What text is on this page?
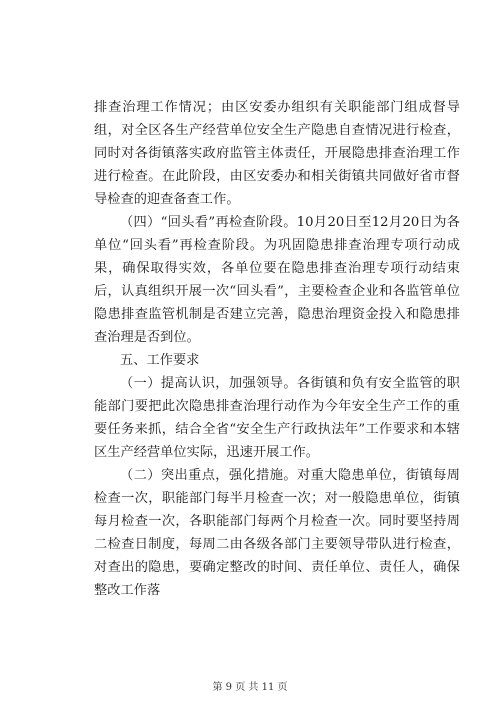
排查治理工作情况；由区安委办组织有关职能部门组成督导组，对全区各生产经营单位安全生产隐患自查情况进行检查，同时对各街镇落实政府监管主体责任，开展隐患排查治理工作进行检查。在此阶段，由区安委办和相关街镇共同做好省市督导检查的迎查备查工作。

（四）“回头看”再检查阶段。10月20日至12月20日为各单位“回头看”再检查阶段。为巩固隐患排查治理专项行动成果，确保取得实效，各单位要在隐患排查治理专项行动结束后，认真组织开展一次“回头看”，主要检查企业和各监管单位隐患排查监管机制是否建立完善，隐患治理资金投入和隐患排查治理是否到位。

五、工作要求

（一）提高认识，加强领导。各街镇和负有安全监管的职能部门要把此次隐患排查治理行动作为今年安全生产工作的重要任务来抓，结合全省“安全生产行政执法年”工作要求和本辖区生产经营单位实际，迅速开展工作。

（二）突出重点，强化措施。对重大隐患单位，街镇每周检查一次，职能部门每半月检查一次；对一般隐患单位，街镇每月检查一次，各职能部门每两个月检查一次。同时要坚持周二检查日制度，每周二由各级各部门主要领导带队进行检查，对查出的隐患，要确定整改的时间、责任单位、责任人，确保整改工作落

第 9 页 共 11 页
